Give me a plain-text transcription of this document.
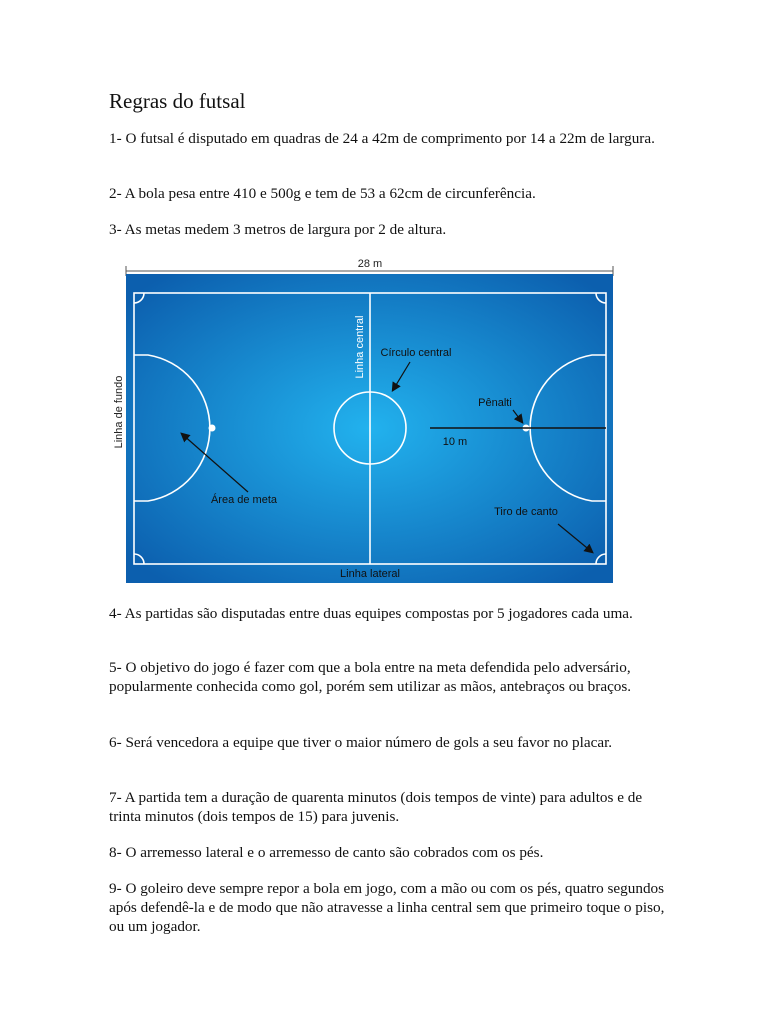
Regras do futsal

1- O futsal é disputado em quadras de 24 a 42m de comprimento por 14 a 22m de largura.

2- A bola pesa entre 410 e 500g e tem de 53 a 62cm de circunferência.

3- As metas medem 3 metros de largura por 2 de altura.

28 m
Linha de fundo
Linha central Círculo central
Pênalti
10 m
Área de meta
Tiro de canto
Linha lateral

4- As partidas são disputadas entre duas equipes compostas por 5 jogadores cada uma.

5- O objetivo do jogo é fazer com que a bola entre na meta defendida pelo adversário, popularmente conhecida como gol, porém sem utilizar as mãos, antebraços ou braços.

6- Será vencedora a equipe que tiver o maior número de gols a seu favor no placar.

7- A partida tem a duração de quarenta minutos (dois tempos de vinte) para adultos e de trinta minutos (dois tempos de 15) para juvenis.

8- O arremesso lateral e o arremesso de canto são cobrados com os pés.

9- O goleiro deve sempre repor a bola em jogo, com a mão ou com os pés, quatro segundos após defendê-la e de modo que não atravesse a linha central sem que primeiro toque o piso, ou um jogador.
